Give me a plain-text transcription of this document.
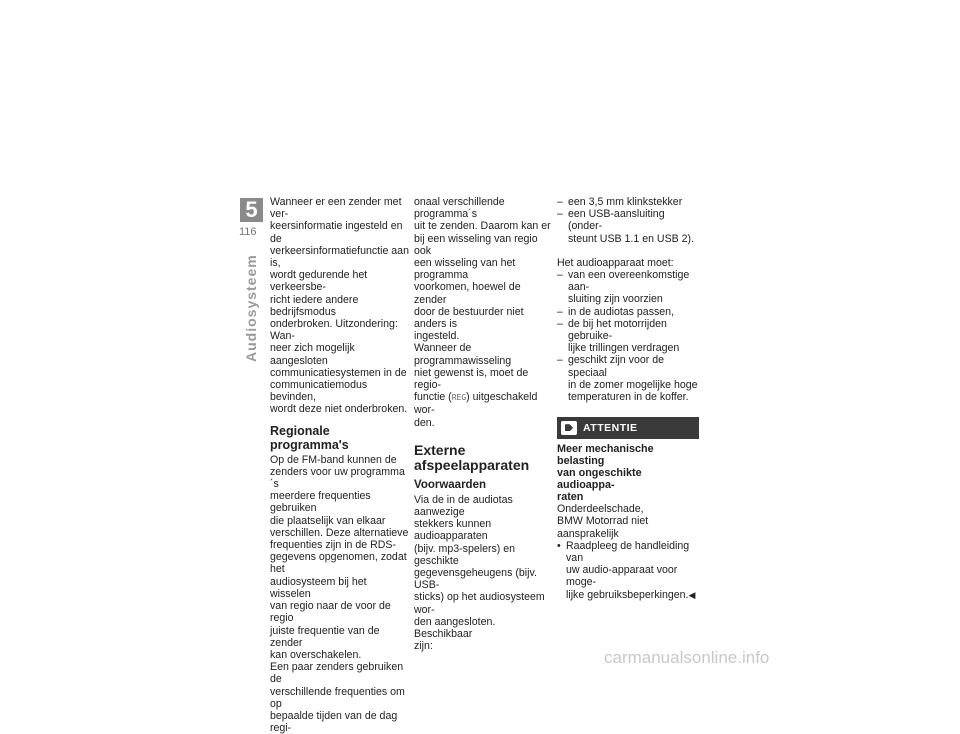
5
116
Audiosysteem

Wanneer er een zender met ver-
keersinformatie ingesteld en de
verkeersinformatiefunctie aan is,
wordt gedurende het verkeersbe-
richt iedere andere bedrijfsmodus
onderbroken. Uitzondering: Wan-
neer zich mogelijk aangesloten
communicatiesystemen in de
communicatiemodus bevinden,
wordt deze niet onderbroken.

Regionale programma's

Op de FM-band kunnen de
zenders voor uw programma´s
meerdere frequenties gebruiken
die plaatselijk van elkaar
verschillen. Deze alternatieve
frequenties zijn in de RDS-
gegevens opgenomen, zodat het
audiosysteem bij het wisselen
van regio naar de voor de regio
juiste frequentie van de zender
kan overschakelen.
Een paar zenders gebruiken de
verschillende frequenties om op
bepaalde tijden van de dag regi-

onaal verschillende programma´s
uit te zenden. Daarom kan er
bij een wisseling van regio ook
een wisseling van het programma
voorkomen, hoewel de zender
door de bestuurder niet anders is
ingesteld.
Wanneer de programmawisseling
niet gewenst is, moet de regio-
functie (REG) uitgeschakeld wor-
den.

Externe
afspeelapparaten
Voorwaarden

Via de in de audiotas aanwezige
stekkers kunnen audioapparaten
(bijv. mp3-spelers) en geschikte
gegevensgeheugens (bijv. USB-
sticks) op het audiosysteem wor-
den aangesloten. Beschikbaar
zijn:

– een 3,5 mm klinkstekker
– een USB-aansluiting (onder-
steunt USB 1.1 en USB 2).

Het audioapparaat moet:

– van een overeenkomstige aan-
sluiting zijn voorzien
– in de audiotas passen,
– de bij het motorrijden gebruike-
lijke trillingen verdragen
– geschikt zijn voor de speciaal
in de zomer mogelijke hoge
temperaturen in de koffer.
ATTENTIE
Meer mechanische belasting
van ongeschikte audioappa-
raten

Onderdeelschade,
BMW Motorrad niet aansprakelijk

• Raadpleeg de handleiding van
uw audio-apparaat voor moge-
lijke gebruiksbeperkingen.◀
carmanualsonline.info
